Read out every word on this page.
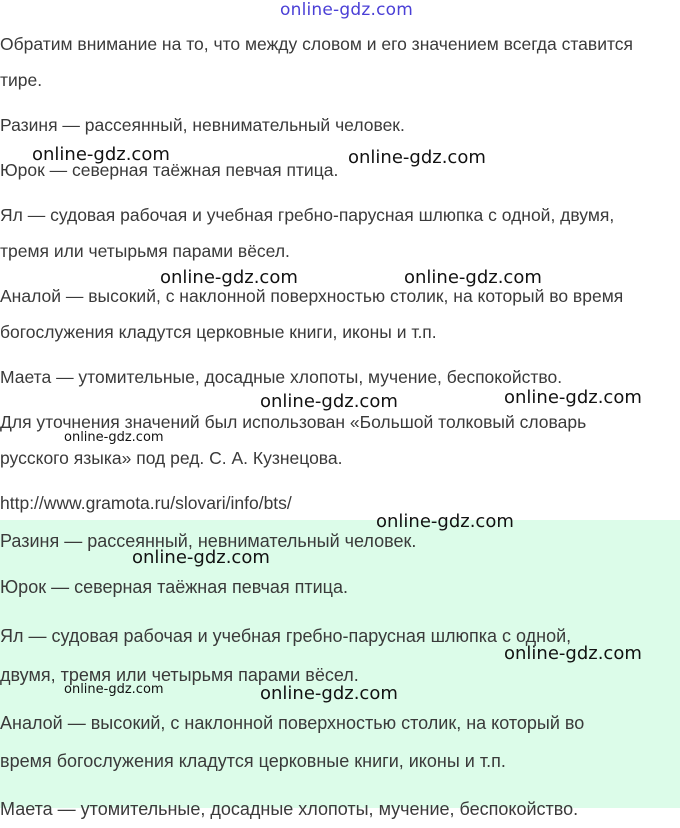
online-gdz.com

Обратим внимание на то, что между словом и его значением всегда ставится

тире.

Разиня — рассеянный, невнимательный человек.

Юрок — северная таёжная певчая птица.

Ял — судовая рабочая и учебная гребно-парусная шлюпка с одной, двумя,

тремя или четырьмя парами вёсел.

Аналой — высокий, с наклонной поверхностью столик, на который во время

богослужения кладутся церковные книги, иконы и т.п.

Маета — утомительные, досадные хлопоты, мучение, беспокойство.

Для уточнения значений был использован «Большой толковый словарь

русского языка» под ред. С. А. Кузнецова.

http://www.gramota.ru/slovari/info/bts/

Разиня — рассеянный, невнимательный человек.

Юрок — северная таёжная певчая птица.

Ял — судовая рабочая и учебная гребно-парусная шлюпка с одной,

двумя, тремя или четырьмя парами вёсел.

Аналой — высокий, с наклонной поверхностью столик, на который во

время богослужения кладутся церковные книги, иконы и т.п.

Маета — утомительные, досадные хлопоты, мучение, беспокойство.

online-gdz.com	online-gdz.com
online-gdz.com	online-gdz.com
online-gdz.com	online-gdz.com
online-gdz.com
online-gdz.com
online-gdz.com
online-gdz.com
online-gdz.com	online-gdz.com
